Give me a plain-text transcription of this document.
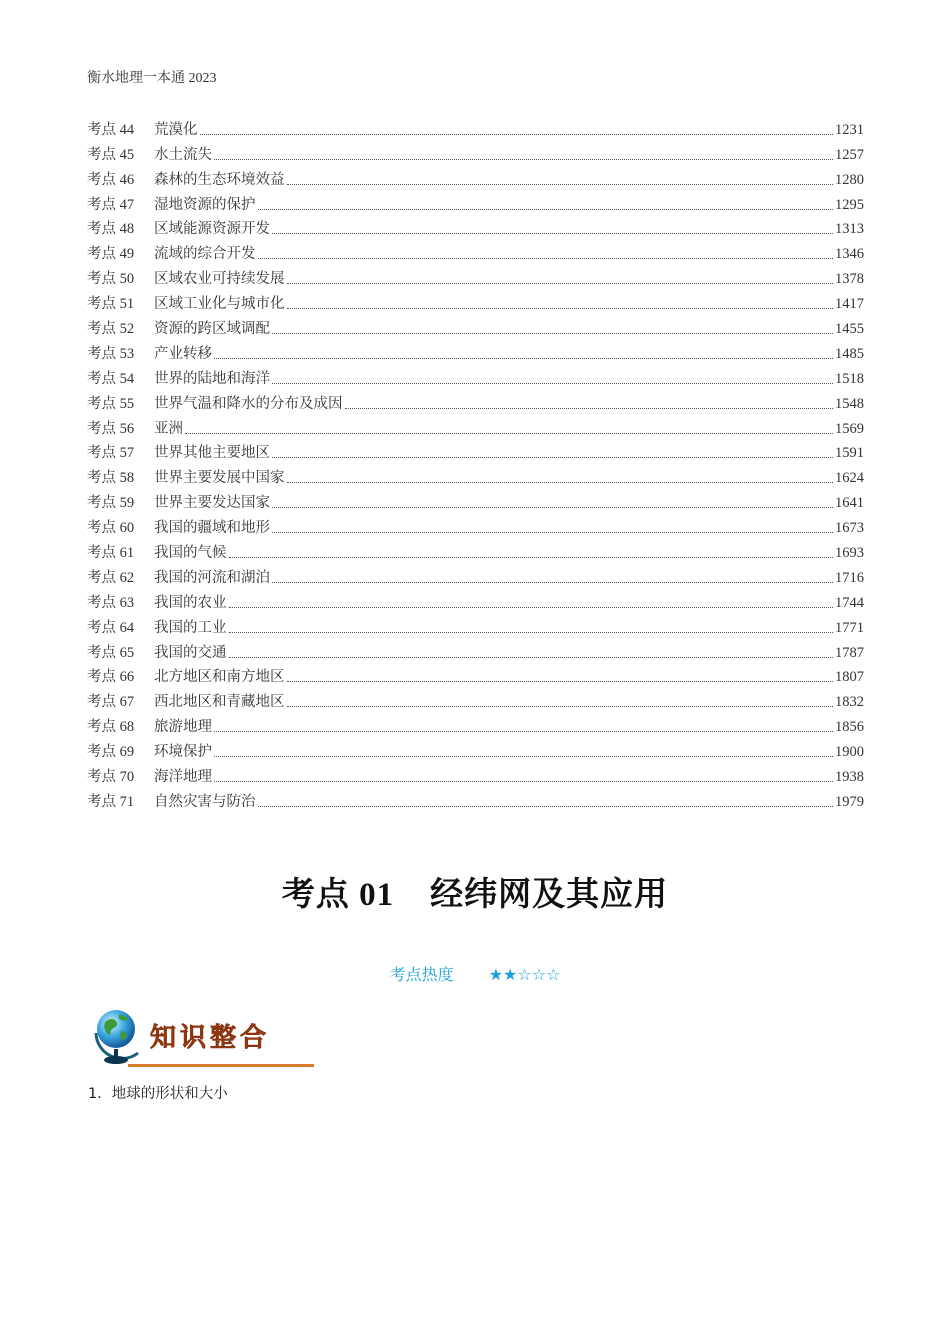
衡水地理一本通 2023
考点 44	荒漠化	1231
考点 45	水土流失	1257
考点 46	森林的生态环境效益	1280
考点 47	湿地资源的保护	1295
考点 48	区域能源资源开发	1313
考点 49	流域的综合开发	1346
考点 50	区域农业可持续发展	1378
考点 51	区域工业化与城市化	1417
考点 52	资源的跨区域调配	1455
考点 53	产业转移	1485
考点 54	世界的陆地和海洋	1518
考点 55	世界气温和降水的分布及成因	1548
考点 56	亚洲	1569
考点 57	世界其他主要地区	1591
考点 58	世界主要发展中国家	1624
考点 59	世界主要发达国家	1641
考点 60	我国的疆域和地形	1673
考点 61	我国的气候	1693
考点 62	我国的河流和湖泊	1716
考点 63	我国的农业	1744
考点 64	我国的工业	1771
考点 65	我国的交通	1787
考点 66	北方地区和南方地区	1807
考点 67	西北地区和青藏地区	1832
考点 68	旅游地理	1856
考点 69	环境保护	1900
考点 70	海洋地理	1938
考点 71	自然灾害与防治	1979
考点 01 经纬网及其应用
考点热度 ★★☆☆☆
知识整合
1．地球的形状和大小
